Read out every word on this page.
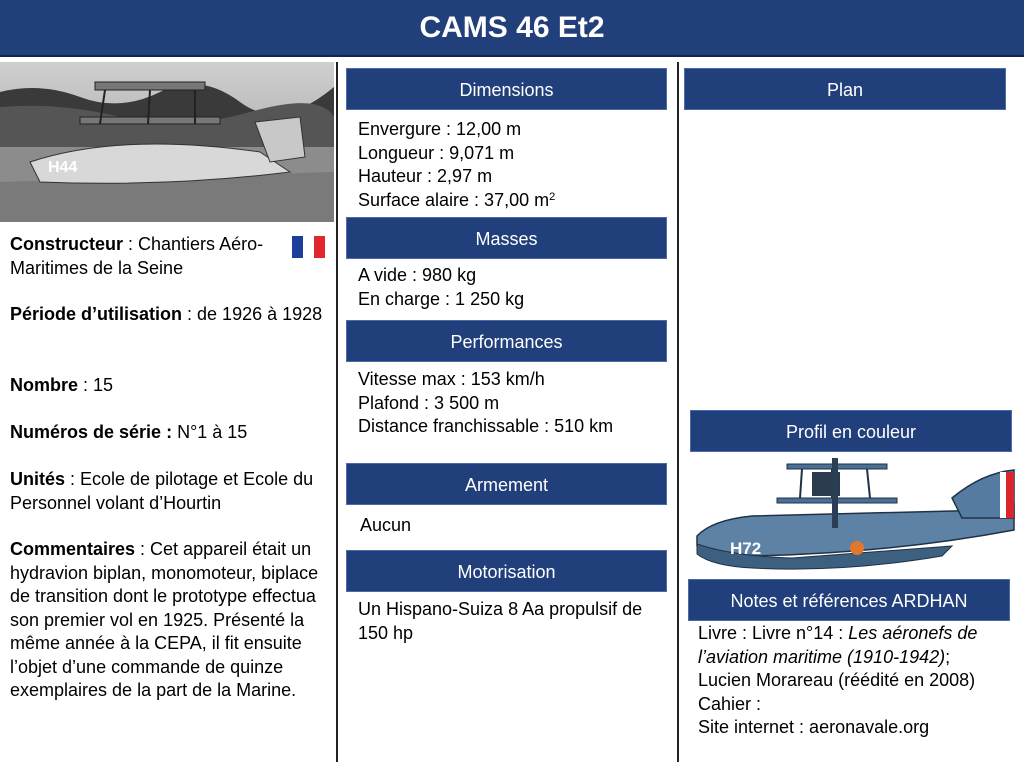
CAMS 46 Et2
H44
Constructeur : Chantiers Aéro-Maritimes de la Seine
Période d’utilisation : de 1926 à 1928
Nombre : 15
Numéros de série : N°1 à 15
Unités : Ecole de pilotage et Ecole du Personnel volant d’Hourtin
Commentaires : Cet appareil était un hydravion biplan, monomoteur, biplace de transition dont le prototype effectua son premier vol en 1925. Présenté la même année à la CEPA, il fit ensuite l’objet d’une commande de quinze exemplaires de la part de la Marine.
Dimensions
Envergure : 12,00 m
Longueur : 9,071 m
Hauteur : 2,97 m
Surface alaire : 37,00 $m^2$
Masses
A vide : 980 kg
En charge : 1 250 kg
Performances
Vitesse max : 153 km/h
Plafond : 3 500 m
Distance franchissable : 510 km
Armement
Aucun
Motorisation
Un Hispano-Suiza 8 Aa propulsif de 150 hp
Plan
Profil en couleur
H72
Notes et références ARDHAN
Livre : Livre n°14 : Les aéronefs de l’aviation maritime (1910-1942); Lucien Morareau (réédité en 2008)
Cahier :
Site internet : aeronavale.org
